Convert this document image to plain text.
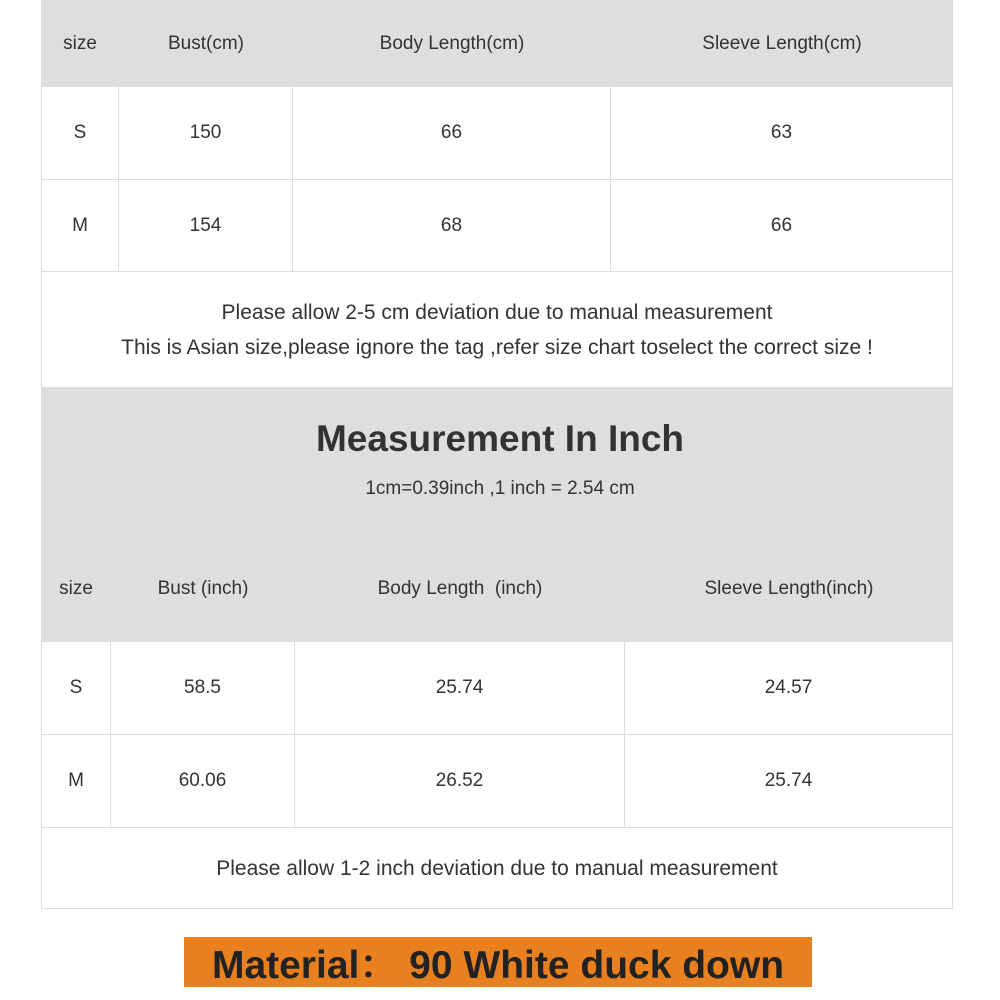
size	Bust(cm)	Body Length(cm)	Sleeve Length(cm)
S	150	66	63
M	154	68	66
Please allow 2-5 cm deviation due to manual measurement
This is Asian size,please ignore the tag ,refer size chart toselect the correct size !
Measurement In Inch
1cm=0.39inch ,1 inch = 2.54 cm
size	Bust (inch)	Body Length  (inch)	Sleeve Length(inch)
S	58.5	25.74	24.57
M	60.06	26.52	25.74
Please allow 1-2 inch deviation due to manual measurement
Material： 90 White duck down
